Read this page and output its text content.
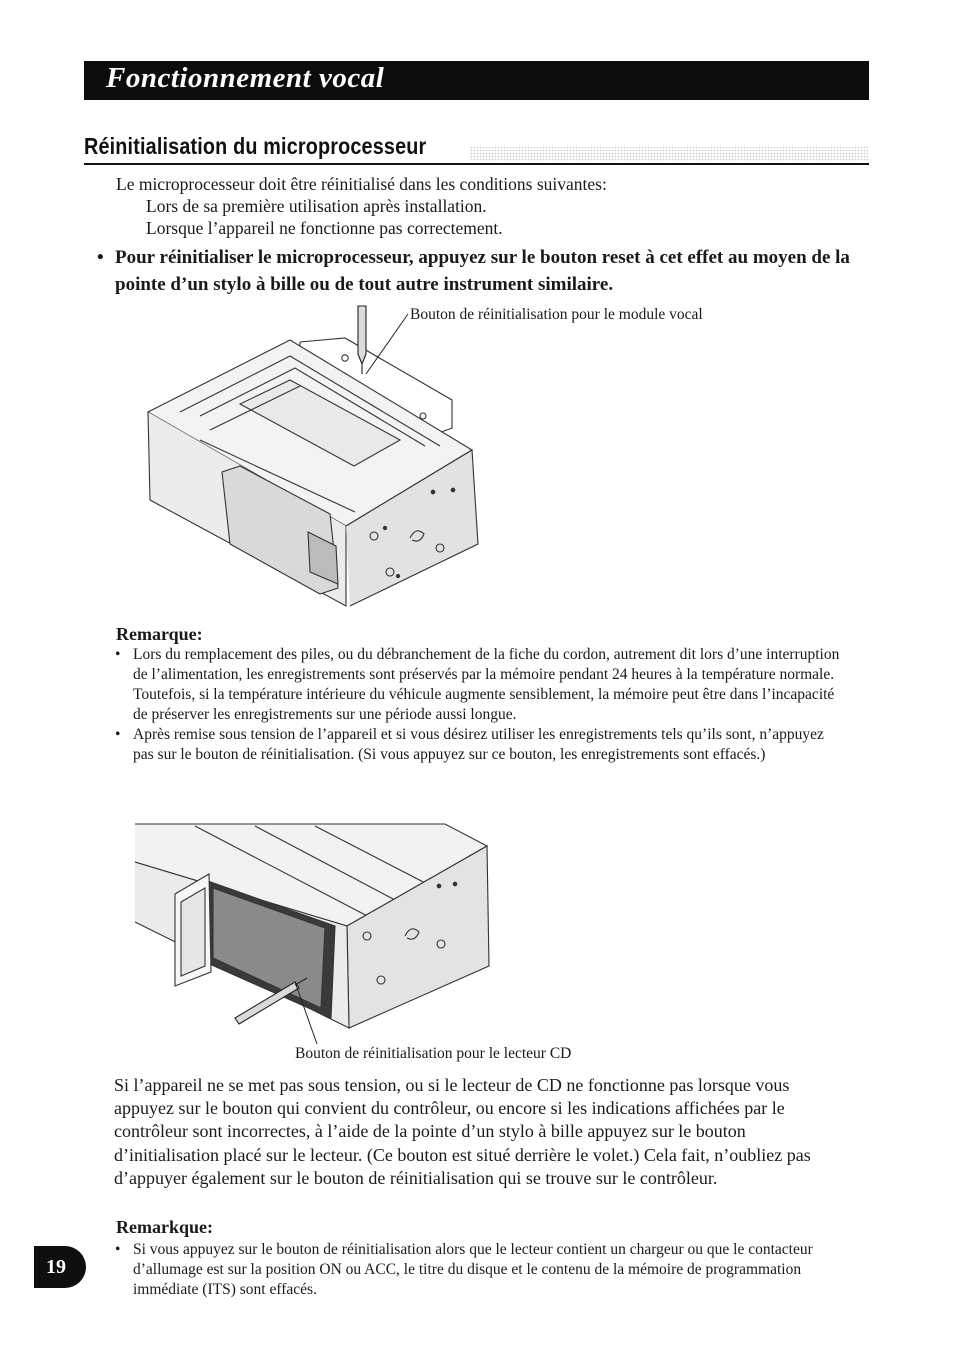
Fonctionnement vocal
Réinitialisation du microprocesseur
Le microprocesseur doit être réinitialisé dans les conditions suivantes:
Lors de sa première utilisation après installation.
Lorsque l’appareil ne fonctionne pas correctement.
• Pour réinitialiser le microprocesseur, appuyez sur le bouton reset à cet effet au moyen de la pointe d’un stylo à bille ou de tout autre instrument similaire.
Bouton de réinitialisation pour le module vocal
Remarque:

• Lors du remplacement des piles, ou du débranchement de la fiche du cordon, autrement dit lors d’une interruption de l’alimentation, les enregistrements sont préservés par la mémoire pendant 24 heures à la température normale. Toutefois, si la température intérieure du véhicule augmente sensiblement, la mémoire peut être dans l’incapacité de préserver les enregistrements sur une période aussi longue.

• Après remise sous tension de l’appareil et si vous désirez utiliser les enregistrements tels qu’ils sont, n’appuyez pas sur le bouton de réinitialisation. (Si vous appuyez sur ce bouton, les enregistrements sont effacés.)

Bouton de réinitialisation pour le lecteur CD
Si l’appareil ne se met pas sous tension, ou si le lecteur de CD ne fonctionne pas lorsque vous appuyez sur le bouton qui convient du contrôleur, ou encore si les indications affichées par le contrôleur sont incorrectes, à l’aide de la pointe d’un stylo à bille appuyez sur le bouton d’initialisation placé sur le lecteur. (Ce bouton est situé derrière le volet.) Cela fait, n’oubliez pas d’appuyer également sur le bouton de réinitialisation qui se trouve sur le contrôleur.
Remarkque:

• Si vous appuyez sur le bouton de réinitialisation alors que le lecteur contient un chargeur ou que le contacteur d’allumage est sur la position ON ou ACC, le titre du disque et le contenu de la mémoire de programmation immédiate (ITS) sont effacés.

19
